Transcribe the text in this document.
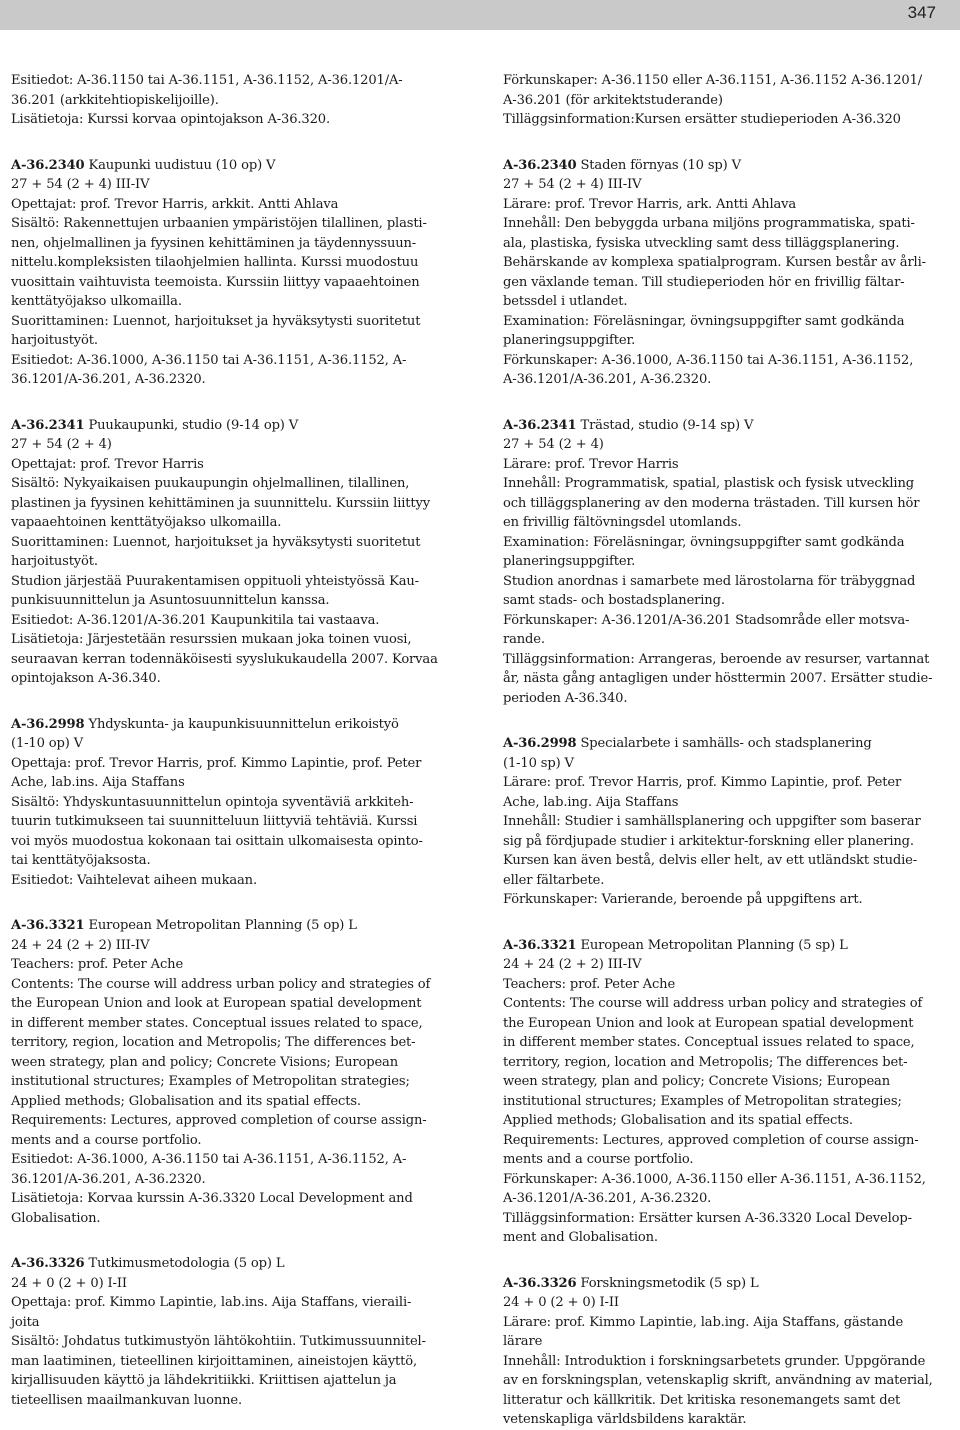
347
Esitiedot: A-36.1150 tai A-36.1151, A-36.1152, A-36.1201/A-
36.201 (arkkitehtiopiskelijoille).
Lisätietoja: Kurssi korvaa opintojakson A-36.320.
A-36.2340 Kaupunki uudistuu (10 op) V
27 + 54 (2 + 4) III-IV
Opettajat: prof. Trevor Harris, arkkit. Antti Ahlava
Sisältö: Rakennettujen urbaanien ympäristöjen tilallinen, plasti-
nen, ohjelmallinen ja fyysinen kehittäminen ja täydennyssuun-
nittelu.kompleksisten tilaohjelmien hallinta. Kurssi muodostuu
vuosittain vaihtuvista teemoista. Kurssiin liittyy vapaaehtoinen
kenttätyöjakso ulkomailla.
Suorittaminen: Luennot, harjoitukset ja hyväksytysti suoritetut
harjoitustyöt.
Esitiedot: A-36.1000, A-36.1150 tai A-36.1151, A-36.1152, A-
36.1201/A-36.201, A-36.2320.
A-36.2341 Puukaupunki, studio (9-14 op) V
27 + 54 (2 + 4)
Opettajat: prof. Trevor Harris
Sisältö: Nykyaikaisen puukaupungin ohjelmallinen, tilallinen,
plastinen ja fyysinen kehittäminen ja suunnittelu. Kurssiin liittyy
vapaaehtoinen kenttätyöjakso ulkomailla.
Suorittaminen: Luennot, harjoitukset ja hyväksytysti suoritetut
harjoitustyöt.
Studion järjestää Puurakentamisen oppituoli yhteistyössä Kau-
punkisuunnittelun ja Asuntosuunnittelun kanssa.
Esitiedot: A-36.1201/A-36.201 Kaupunkitila tai vastaava.
Lisätietoja: Järjestetään resurssien mukaan joka toinen vuosi,
seuraavan kerran todennäköisesti syyslukukaudella 2007. Korvaa
opintojakson A-36.340.
A-36.2998 Yhdyskunta- ja kaupunkisuunnittelun erikoistyö
(1-10 op) V
Opettaja: prof. Trevor Harris, prof. Kimmo Lapintie, prof. Peter
Ache, lab.ins. Aija Staffans
Sisältö: Yhdyskuntasuunnittelun opintoja syventäviä arkkiteh-
tuurin tutkimukseen tai suunnitteluun liittyviä tehtäviä. Kurssi
voi myös muodostua kokonaan tai osittain ulkomaisesta opinto-
tai kenttätyöjaksosta.
Esitiedot: Vaihtelevat aiheen mukaan.
A-36.3321 European Metropolitan Planning (5 op) L
24 + 24 (2 + 2) III-IV
Teachers: prof. Peter Ache
Contents: The course will address urban policy and strategies of
the European Union and look at European spatial development
in different member states. Conceptual issues related to space,
territory, region, location and Metropolis; The differences bet-
ween strategy, plan and policy; Concrete Visions; European
institutional structures; Examples of Metropolitan strategies;
Applied methods; Globalisation and its spatial effects.
Requirements: Lectures, approved completion of course assign-
ments and a course portfolio.
Esitiedot: A-36.1000, A-36.1150 tai A-36.1151, A-36.1152, A-
36.1201/A-36.201, A-36.2320.
Lisätietoja: Korvaa kurssin A-36.3320 Local Development and
Globalisation.
A-36.3326 Tutkimusmetodologia (5 op) L
24 + 0 (2 + 0) I-II
Opettaja: prof. Kimmo Lapintie, lab.ins. Aija Staffans, vieraili-
joita
Sisältö: Johdatus tutkimustyön lähtökohtiin. Tutkimussuunnitel-
man laatiminen, tieteellinen kirjoittaminen, aineistojen käyttö,
kirjallisuuden käyttö ja lähdekritiikki. Kriittisen ajattelun ja
tieteellisen maailmankuvan luonne.
Förkunskaper: A-36.1150 eller A-36.1151, A-36.1152 A-36.1201/
A-36.201 (för arkitektstuderande)
Tilläggsinformation:Kursen ersätter studieperioden A-36.320
A-36.2340 Staden förnyas (10 sp) V
27 + 54 (2 + 4) III-IV
Lärare: prof. Trevor Harris, ark. Antti Ahlava
Innehåll: Den bebyggda urbana miljöns programmatiska, spati-
ala, plastiska, fysiska utveckling samt dess tilläggsplanering.
Behärskande av komplexa spatialprogram. Kursen består av årli-
gen växlande teman. Till studieperioden hör en frivillig fältar-
betssdel i utlandet.
Examination: Föreläsningar, övningsuppgifter samt godkända
planeringsuppgifter.
Förkunskaper: A-36.1000, A-36.1150 tai A-36.1151, A-36.1152,
A-36.1201/A-36.201, A-36.2320.
A-36.2341 Trästad, studio (9-14 sp) V
27 + 54 (2 + 4)
Lärare: prof. Trevor Harris
Innehåll: Programmatisk, spatial, plastisk och fysisk utveckling
och tilläggsplanering av den moderna trästaden. Till kursen hör
en frivillig fältövningsdel utomlands.
Examination: Föreläsningar, övningsuppgifter samt godkända
planeringsuppgifter.
Studion anordnas i samarbete med lärostolarna för träbyggnad
samt stads- och bostadsplanering.
Förkunskaper: A-36.1201/A-36.201 Stadsområde eller motsva-
rande.
Tilläggsinformation: Arrangeras, beroende av resurser, vartannat
år, nästa gång antagligen under hösttermin 2007. Ersätter studie-
perioden A-36.340.
A-36.2998 Specialarbete i samhälls- och stadsplanering
(1-10 sp) V
Lärare: prof. Trevor Harris, prof. Kimmo Lapintie, prof. Peter
Ache, lab.ing. Aija Staffans
Innehåll: Studier i samhällsplanering och uppgifter som baserar
sig på fördjupade studier i arkitektur-forskning eller planering.
Kursen kan även bestå, delvis eller helt, av ett utländskt studie-
eller fältarbete.
Förkunskaper: Varierande, beroende på uppgiftens art.
A-36.3321 European Metropolitan Planning (5 sp) L
24 + 24 (2 + 2) III-IV
Teachers: prof. Peter Ache
Contents: The course will address urban policy and strategies of
the European Union and look at European spatial development
in different member states. Conceptual issues related to space,
territory, region, location and Metropolis; The differences bet-
ween strategy, plan and policy; Concrete Visions; European
institutional structures; Examples of Metropolitan strategies;
Applied methods; Globalisation and its spatial effects.
Requirements: Lectures, approved completion of course assign-
ments and a course portfolio.
Förkunskaper: A-36.1000, A-36.1150 eller A-36.1151, A-36.1152,
A-36.1201/A-36.201, A-36.2320.
Tilläggsinformation: Ersätter kursen A-36.3320 Local Develop-
ment and Globalisation.
A-36.3326 Forskningsmetodik (5 sp) L
24 + 0 (2 + 0) I-II
Lärare: prof. Kimmo Lapintie, lab.ing. Aija Staffans, gästande
lärare
Innehåll: Introduktion i forskningsarbetets grunder. Uppgörande
av en forskningsplan, vetenskaplig skrift, användning av material,
litteratur och källkritik. Det kritiska resonemangets samt det
vetenskapliga världsbildens karaktär.
